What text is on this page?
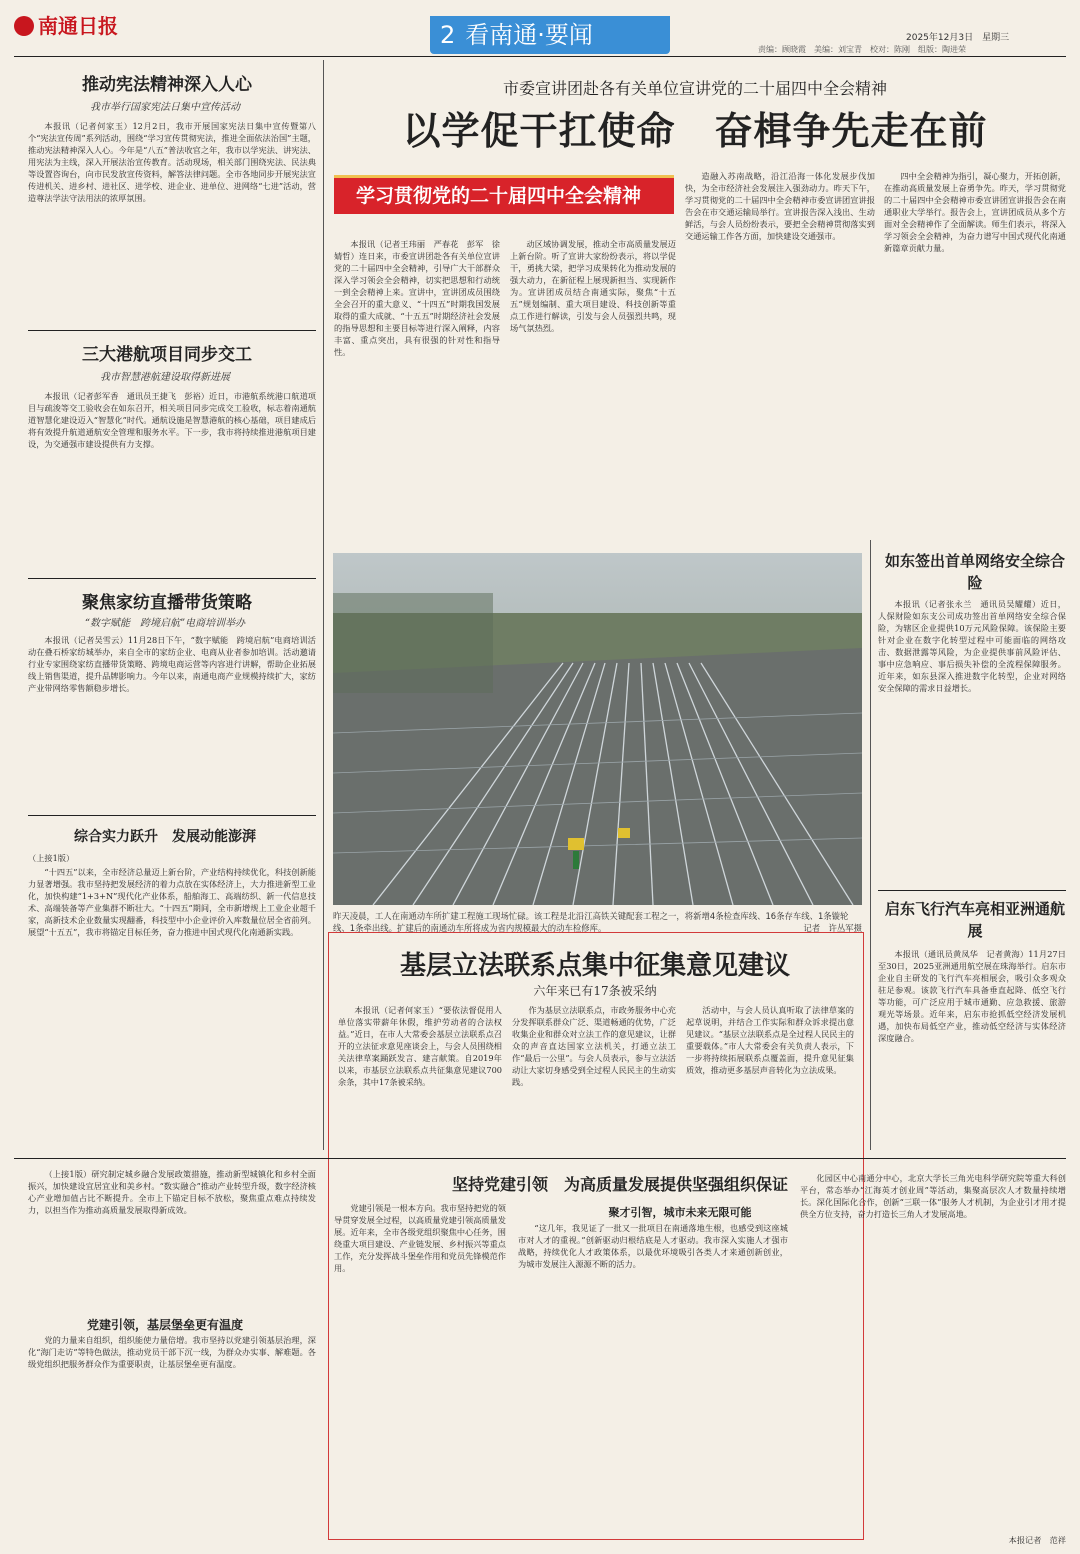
南通日报	2 看南通·要闻	2025年12月3日　星期三
责编：顾晓霞　美编：刘宝青　校对：陈刚　组版：陶进荣
推动宪法精神深入人心
我市举行国家宪法日集中宣传活动

本报讯（记者何家玉）12月2日，我市开展国家宪法日集中宣传暨第八个“宪法宣传周”系列活动，围绕“学习宣传贯彻宪法，推进全面依法治国”主题，推动宪法精神深入人心。今年是“八五”普法收官之年，我市以学宪法、讲宪法、用宪法为主线，深入开展法治宣传教育。活动现场，相关部门围绕宪法、民法典等设置咨询台，向市民发放宣传资料，解答法律问题。全市各地同步开展宪法宣传进机关、进乡村、进社区、进学校、进企业、进单位、进网络“七进”活动，营造尊法学法守法用法的浓厚氛围。

三大港航项目同步交工
我市智慧港航建设取得新进展

本报讯（记者彭军香　通讯员王捷飞　彭裕）近日，市港航系统港口航道项目与疏浚等交工验收会在如东召开，相关项目同步完成交工验收，标志着南通航道智慧化建设迈入“智慧化”时代。通航设施是智慧港航的核心基础，项目建成后将有效提升航道通航安全管理和服务水平。下一步，我市将持续推进港航项目建设，为交通强市建设提供有力支撑。

聚焦家纺直播带货策略
“数字赋能　跨境启航”电商培训举办

本报讯（记者吴雪云）11月28日下午，“数字赋能　跨境启航”电商培训活动在叠石桥家纺城举办，来自全市的家纺企业、电商从业者参加培训。活动邀请行业专家围绕家纺直播带货策略、跨境电商运营等内容进行讲解，帮助企业拓展线上销售渠道，提升品牌影响力。今年以来，南通电商产业规模持续扩大，家纺产业带网络零售额稳步增长。

综合实力跃升　发展动能澎湃
（上接1版）

“十四五”以来，全市经济总量迈上新台阶，产业结构持续优化，科技创新能力显著增强。我市坚持把发展经济的着力点放在实体经济上，大力推进新型工业化，加快构建“1+3+N”现代化产业体系，船舶海工、高端纺织、新一代信息技术、高端装备等产业集群不断壮大。“十四五”期间，全市新增规上工业企业超千家，高新技术企业数量实现翻番，科技型中小企业评价入库数量位居全省前列。展望“十五五”，我市将锚定目标任务，奋力推进中国式现代化南通新实践。

市委宣讲团赴各有关单位宣讲党的二十届四中全会精神
以学促干扛使命　奋楫争先走在前
学习贯彻党的二十届四中全会精神

本报讯（记者王玮丽　严春花　彭军　徐婧哲）连日来，市委宣讲团赴各有关单位宣讲党的二十届四中全会精神，引导广大干部群众深入学习领会全会精神，切实把思想和行动统一到全会精神上来。宣讲中，宣讲团成员围绕全会召开的重大意义、“十四五”时期我国发展取得的重大成就、“十五五”时期经济社会发展的指导思想和主要目标等进行深入阐释，内容丰富、重点突出，具有很强的针对性和指导性。

动区域协调发展，推动全市高质量发展迈上新台阶。听了宣讲大家纷纷表示，将以学促干，勇挑大梁，把学习成果转化为推动发展的强大动力，在新征程上展现新担当、实现新作为。宣讲团成员结合南通实际，聚焦“十五五”规划编制、重大项目建设、科技创新等重点工作进行解读，引发与会人员强烈共鸣，现场气氛热烈。

造融入苏南战略，沿江沿海一体化发展步伐加快，为全市经济社会发展注入强劲动力。昨天下午，学习贯彻党的二十届四中全会精神市委宣讲团宣讲报告会在市交通运输局举行。宣讲报告深入浅出、生动鲜活，与会人员纷纷表示，要把全会精神贯彻落实到交通运输工作各方面，加快建设交通强市。

四中全会精神为指引，凝心聚力，开拓创新，在推动高质量发展上奋勇争先。昨天，学习贯彻党的二十届四中全会精神市委宣讲团宣讲报告会在南通职业大学举行。报告会上，宣讲团成员从多个方面对全会精神作了全面解读。师生们表示，将深入学习领会全会精神，为奋力谱写中国式现代化南通新篇章贡献力量。

昨天凌晨，工人在南通动车所扩建工程施工现场忙碌。该工程是北沿江高铁关键配套工程之一，将新增4条检查库线、16条存车线、1条镟轮线、1条牵出线。扩建后的南通动车所将成为省内规模最大的动车检修库。	记者　许丛军摄
如东签出首单网络安全综合险

本报讯（记者张永兰　通讯员吴耀耀）近日，人保财险如东支公司成功签出首单网络安全综合保险，为辖区企业提供10万元风险保障。该保险主要针对企业在数字化转型过程中可能面临的网络攻击、数据泄露等风险，为企业提供事前风险评估、事中应急响应、事后损失补偿的全流程保障服务。近年来，如东县深入推进数字化转型，企业对网络安全保障的需求日益增长。

启东飞行汽车亮相亚洲通航展

本报讯（通讯员黄凤华　记者黄海）11月27日至30日，2025亚洲通用航空展在珠海举行。启东市企业自主研发的飞行汽车亮相展会，吸引众多观众驻足参观。该款飞行汽车具备垂直起降、低空飞行等功能，可广泛应用于城市通勤、应急救援、旅游观光等场景。近年来，启东市抢抓低空经济发展机遇，加快布局低空产业，推动低空经济与实体经济深度融合。

基层立法联系点集中征集意见建议
六年来已有17条被采纳

本报讯（记者何家玉）“要依法督促用人单位落实带薪年休假，维护劳动者的合法权益。”近日，在市人大常委会基层立法联系点召开的立法征求意见座谈会上，与会人员围绕相关法律草案踊跃发言、建言献策。自2019年以来，市基层立法联系点共征集意见建议700余条，其中17条被采纳。

作为基层立法联系点，市政务服务中心充分发挥联系群众广泛、渠道畅通的优势，广泛收集企业和群众对立法工作的意见建议，让群众的声音直达国家立法机关，打通立法工作“最后一公里”。与会人员表示，参与立法活动让大家切身感受到全过程人民民主的生动实践。

活动中，与会人员认真听取了法律草案的起草说明，并结合工作实际和群众诉求提出意见建议。“基层立法联系点是全过程人民民主的重要载体。”市人大常委会有关负责人表示，下一步将持续拓展联系点覆盖面，提升意见征集质效，推动更多基层声音转化为立法成果。

（上接1版）研究制定城乡融合发展政策措施，推动新型城镇化和乡村全面振兴，加快建设宜居宜业和美乡村。“数实融合”推动产业转型升级，数字经济核心产业增加值占比不断提升。全市上下锚定目标不放松，聚焦重点难点持续发力，以担当作为推动高质量发展取得新成效。

党建引领，基层堡垒更有温度

党的力量来自组织，组织能使力量倍增。我市坚持以党建引领基层治理，深化“海门走访”等特色做法，推动党员干部下沉一线，为群众办实事、解难题。各级党组织把服务群众作为重要职责，让基层堡垒更有温度。

坚持党建引领　为高质量发展提供坚强组织保证

党建引领是一根本方向。我市坚持把党的领导贯穿发展全过程，以高质量党建引领高质量发展。近年来，全市各级党组织聚焦中心任务，围绕重大项目建设、产业链发展、乡村振兴等重点工作，充分发挥战斗堡垒作用和党员先锋模范作用。

聚才引智，城市未来无限可能

“这几年，我见证了一批又一批项目在南通落地生根，也感受到这座城市对人才的重视。”创新驱动归根结底是人才驱动。我市深入实施人才强市战略，持续优化人才政策体系，以最优环境吸引各类人才来通创新创业，为城市发展注入源源不断的活力。

化园区中心南通分中心，北京大学长三角光电科学研究院等重大科创平台，常态举办“江海英才创业周”等活动，集聚高层次人才数量持续增长。深化国际化合作，创新“三联一体”服务人才机制，为企业引才用才提供全方位支持，奋力打造长三角人才发展高地。

本报记者　范祥
